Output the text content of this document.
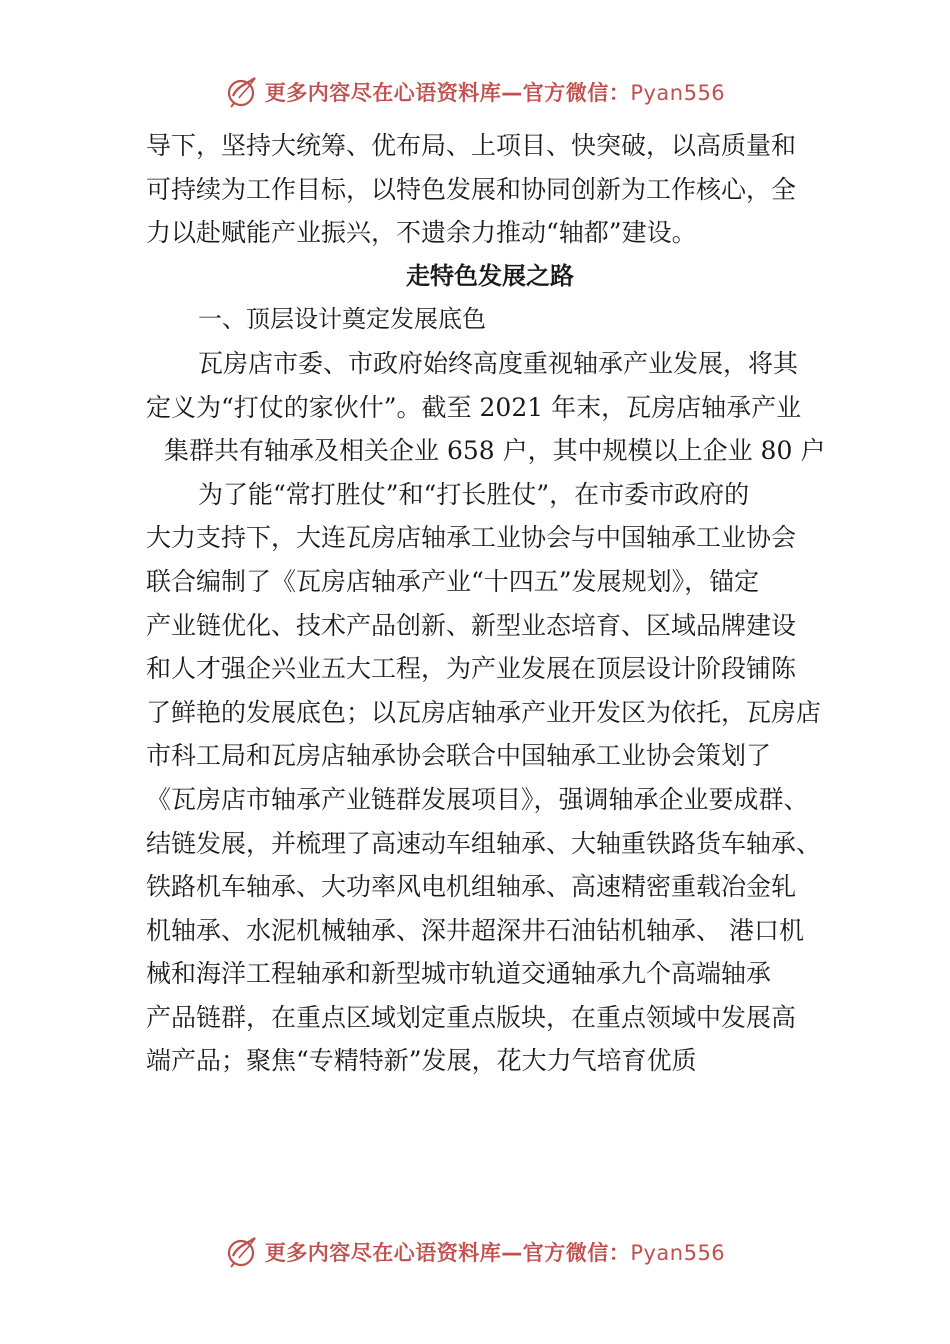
更多内容尽在心语资料库—官方微信：Pyan556
导下，坚持大统筹、优布局、上项目、快突破，以高质量和
可持续为工作目标，以特色发展和协同创新为工作核心，全
力以赴赋能产业振兴，不遗余力推动“轴都”建设。
走特色发展之路
一、顶层设计奠定发展底色
瓦房店市委、市政府始终高度重视轴承产业发展，将其
定义为“打仗的家伙什”。截至 2021 年末，瓦房店轴承产业
集群共有轴承及相关企业 658 户，其中规模以上企业 80 户
为了能“常打胜仗”和“打长胜仗”，在市委市政府的
大力支持下，大连瓦房店轴承工业协会与中国轴承工业协会
联合编制了《瓦房店轴承产业“十四五”发展规划》，锚定
产业链优化、技术产品创新、新型业态培育、区域品牌建设
和人才强企兴业五大工程，为产业发展在顶层设计阶段铺陈
了鲜艳的发展底色；以瓦房店轴承产业开发区为依托，瓦房店
市科工局和瓦房店轴承协会联合中国轴承工业协会策划了
《瓦房店市轴承产业链群发展项目》，强调轴承企业要成群、
结链发展，并梳理了高速动车组轴承、大轴重铁路货车轴承、
铁路机车轴承、大功率风电机组轴承、高速精密重载冶金轧
机轴承、水泥机械轴承、深井超深井石油钻机轴承、 港口机
械和海洋工程轴承和新型城市轨道交通轴承九个高端轴承
产品链群，在重点区域划定重点版块，在重点领域中发展高
端产品；聚焦“专精特新”发展，花大力气培育优质
更多内容尽在心语资料库—官方微信：Pyan556
